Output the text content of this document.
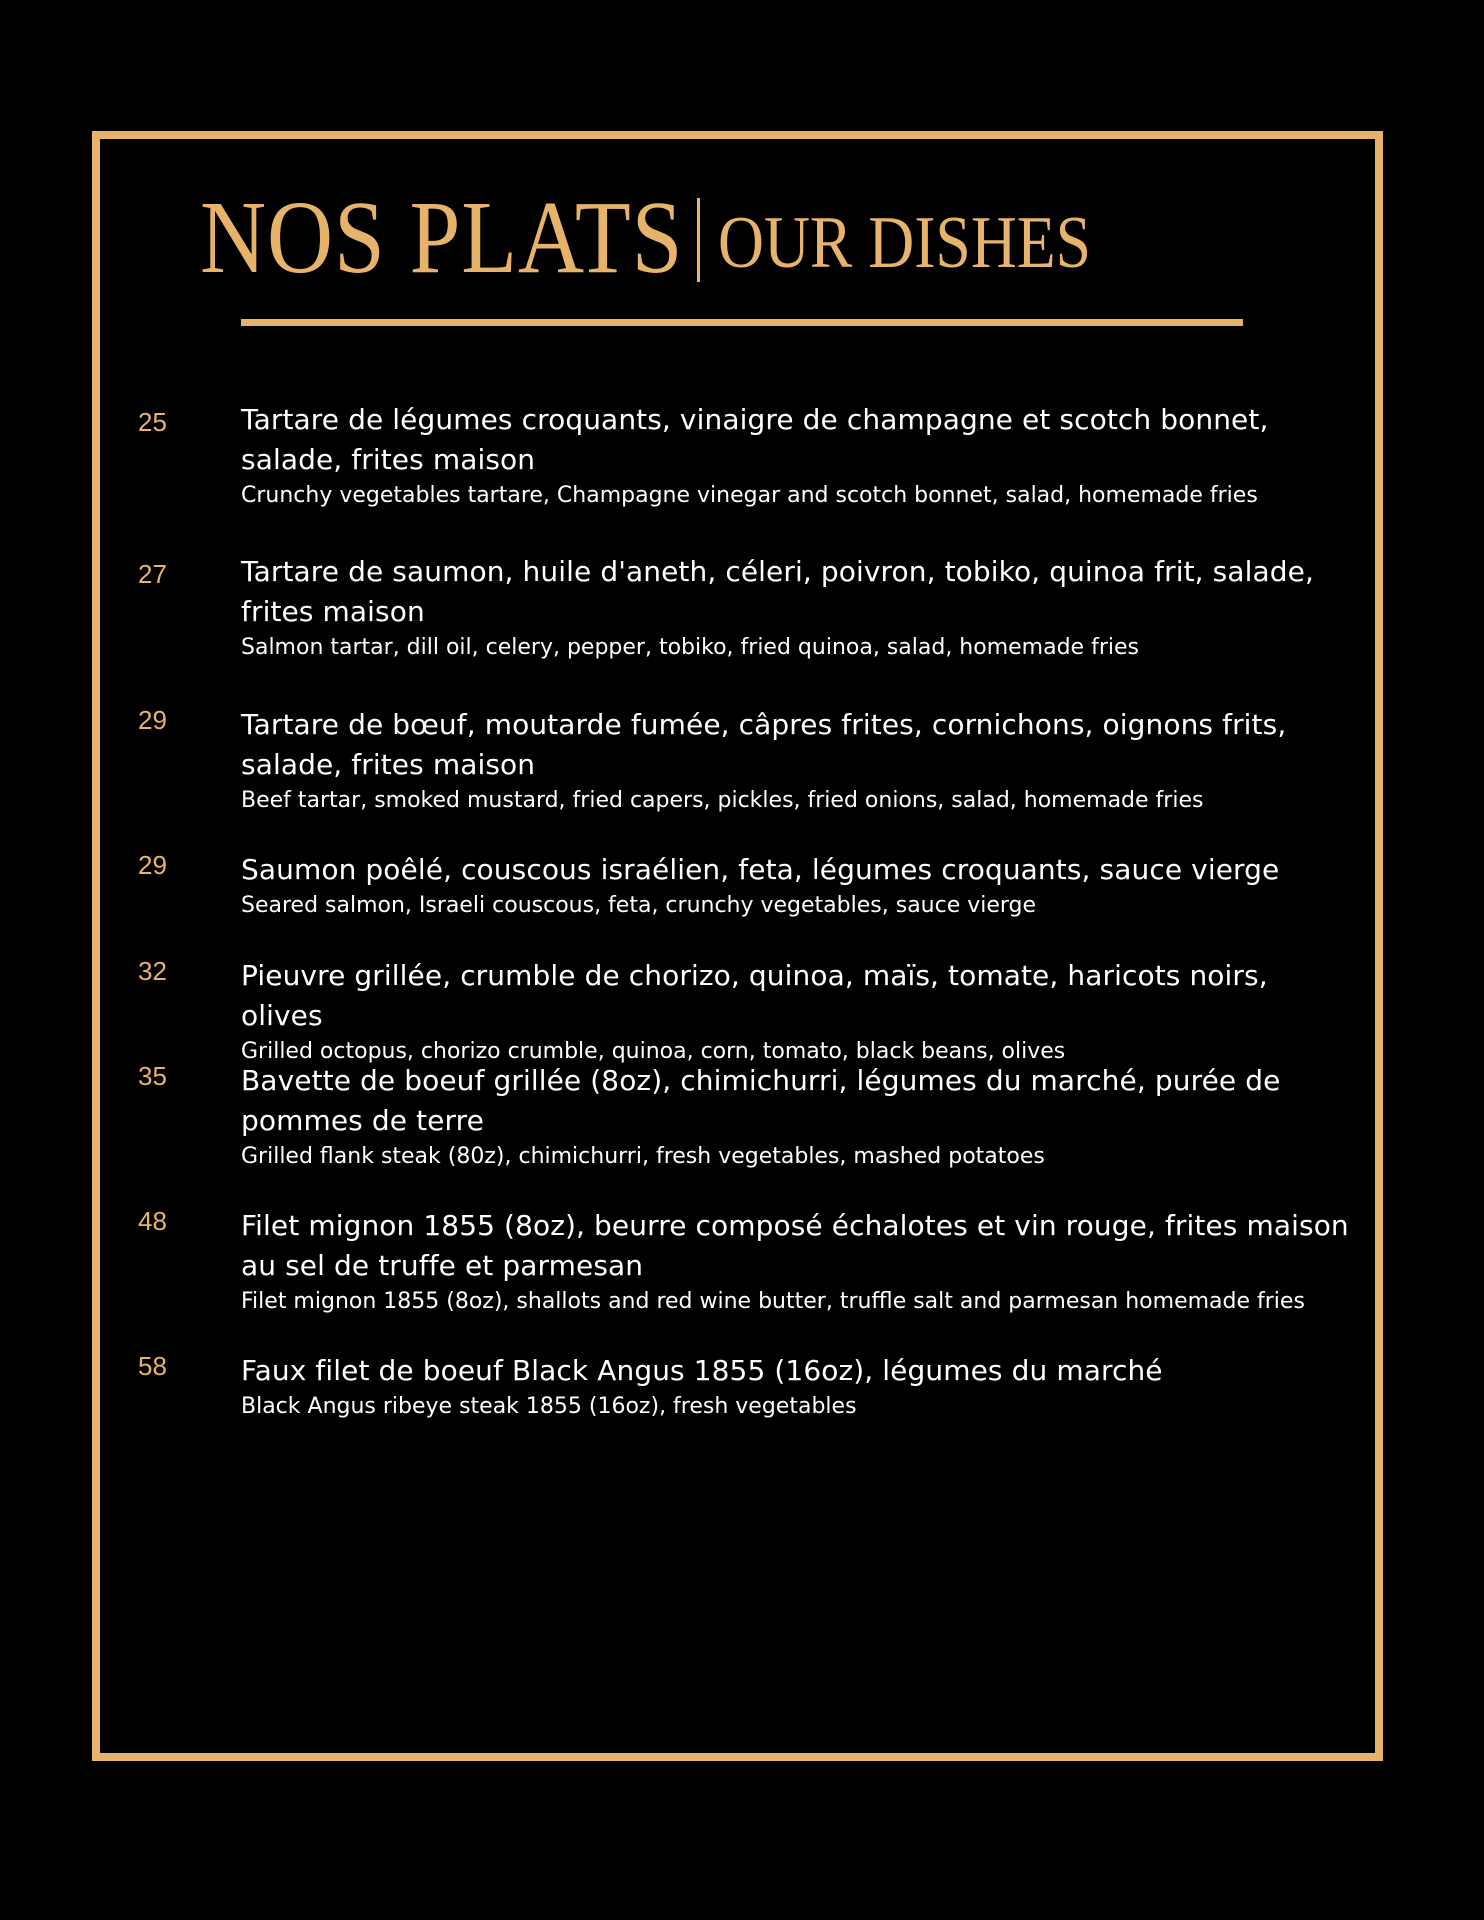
NOS PLATS OUR DISHES
25	Tartare de légumes croquants, vinaigre de champagne et scotch bonnet, salade, frites maison
Crunchy vegetables tartare, Champagne vinegar and scotch bonnet, salad, homemade fries
27	Tartare de saumon, huile d'aneth, céleri, poivron, tobiko, quinoa frit, salade, frites maison
Salmon tartar, dill oil, celery, pepper, tobiko, fried quinoa, salad, homemade fries
29	Tartare de bœuf, moutarde fumée, câpres frites, cornichons, oignons frits, salade, frites maison
Beef tartar, smoked mustard, fried capers, pickles, fried onions, salad, homemade fries
29	Saumon poêlé, couscous israélien, feta, légumes croquants, sauce vierge
Seared salmon, Israeli couscous, feta, crunchy vegetables, sauce vierge
32	Pieuvre grillée, crumble de chorizo, quinoa, maïs, tomate, haricots noirs, olives
Grilled octopus, chorizo crumble, quinoa, corn, tomato, black beans, olives
35	Bavette de boeuf grillée (8oz), chimichurri, légumes du marché, purée de pommes de terre
Grilled flank steak (80z), chimichurri, fresh vegetables, mashed potatoes
48	Filet mignon 1855 (8oz), beurre composé échalotes et vin rouge, frites maison au sel de truffe et parmesan
Filet mignon 1855 (8oz), shallots and red wine butter, truffle salt and parmesan homemade fries
58	Faux filet de boeuf Black Angus 1855 (16oz), légumes du marché
Black Angus ribeye steak 1855 (16oz), fresh vegetables
